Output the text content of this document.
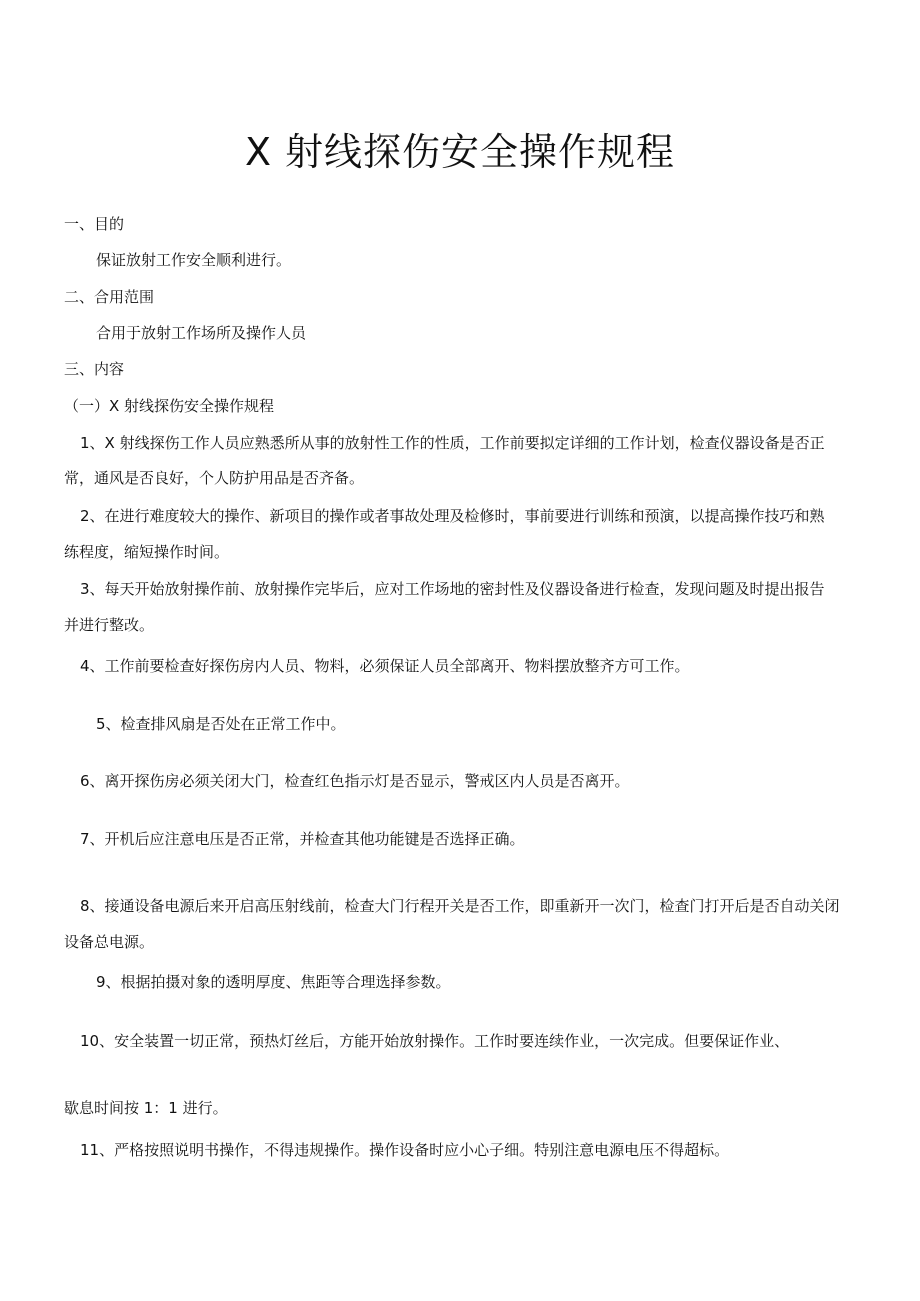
X 射线探伤安全操作规程

一、目的

保证放射工作安全顺利进行。

二、合用范围

合用于放射工作场所及操作人员

三、内容

（一）X 射线探伤安全操作规程

1、X 射线探伤工作人员应熟悉所从事的放射性工作的性质，工作前要拟定详细的工作计划，检查仪器设备是否正

常，通风是否良好，个人防护用品是否齐备。

2、在进行难度较大的操作、新项目的操作或者事故处理及检修时，事前要进行训练和预演，以提高操作技巧和熟

练程度，缩短操作时间。

3、每天开始放射操作前、放射操作完毕后，应对工作场地的密封性及仪器设备进行检查，发现问题及时提出报告

并进行整改。

4、工作前要检查好探伤房内人员、物料，必须保证人员全部离开、物料摆放整齐方可工作。

5、检查排风扇是否处在正常工作中。

6、离开探伤房必须关闭大门，检查红色指示灯是否显示，警戒区内人员是否离开。

7、开机后应注意电压是否正常，并检查其他功能键是否选择正确。

8、接通设备电源后来开启高压射线前，检查大门行程开关是否工作，即重新开一次门，检查门打开后是否自动关闭

设备总电源。

9、根据拍摄对象的透明厚度、焦距等合理选择参数。

10、安全装置一切正常，预热灯丝后，方能开始放射操作。工作时要连续作业，一次完成。但要保证作业、

歇息时间按 1：1 进行。

11、严格按照说明书操作，不得违规操作。操作设备时应小心子细。特别注意电源电压不得超标。
